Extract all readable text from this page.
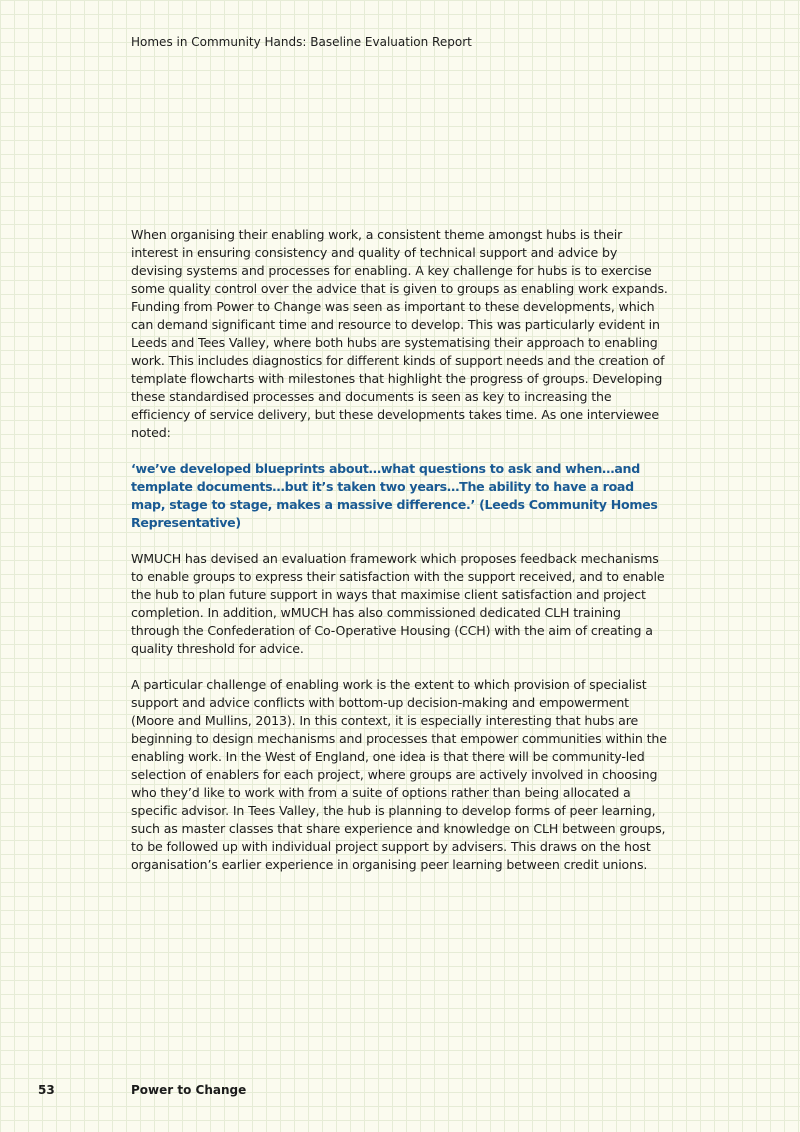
Homes in Community Hands: Baseline Evaluation Report

When organising their enabling work, a consistent theme amongst hubs is their interest in ensuring consistency and quality of technical support and advice by devising systems and processes for enabling. A key challenge for hubs is to exercise some quality control over the advice that is given to groups as enabling work expands. Funding from Power to Change was seen as important to these developments, which can demand significant time and resource to develop. This was particularly evident in Leeds and Tees Valley, where both hubs are systematising their approach to enabling work. This includes diagnostics for different kinds of support needs and the creation of template flowcharts with milestones that highlight the progress of groups. Developing these standardised processes and documents is seen as key to increasing the efficiency of service delivery, but these developments takes time. As one interviewee noted:

‘we’ve developed blueprints about…what questions to ask and when…and template documents…but it’s taken two years…The ability to have a road map, stage to stage, makes a massive difference.’ (Leeds Community Homes Representative)

WMUCH has devised an evaluation framework which proposes feedback mechanisms to enable groups to express their satisfaction with the support received, and to enable the hub to plan future support in ways that maximise client satisfaction and project completion. In addition, wMUCH has also commissioned dedicated CLH training through the Confederation of Co-Operative Housing (CCH) with the aim of creating a quality threshold for advice.

A particular challenge of enabling work is the extent to which provision of specialist support and advice conflicts with bottom-up decision-making and empowerment (Moore and Mullins, 2013). In this context, it is especially interesting that hubs are beginning to design mechanisms and processes that empower communities within the enabling work. In the West of England, one idea is that there will be community-led selection of enablers for each project, where groups are actively involved in choosing who they’d like to work with from a suite of options rather than being allocated a specific advisor. In Tees Valley, the hub is planning to develop forms of peer learning, such as master classes that share experience and knowledge on CLH between groups, to be followed up with individual project support by advisers. This draws on the host organisation’s earlier experience in organising peer learning between credit unions.

53	Power to Change
